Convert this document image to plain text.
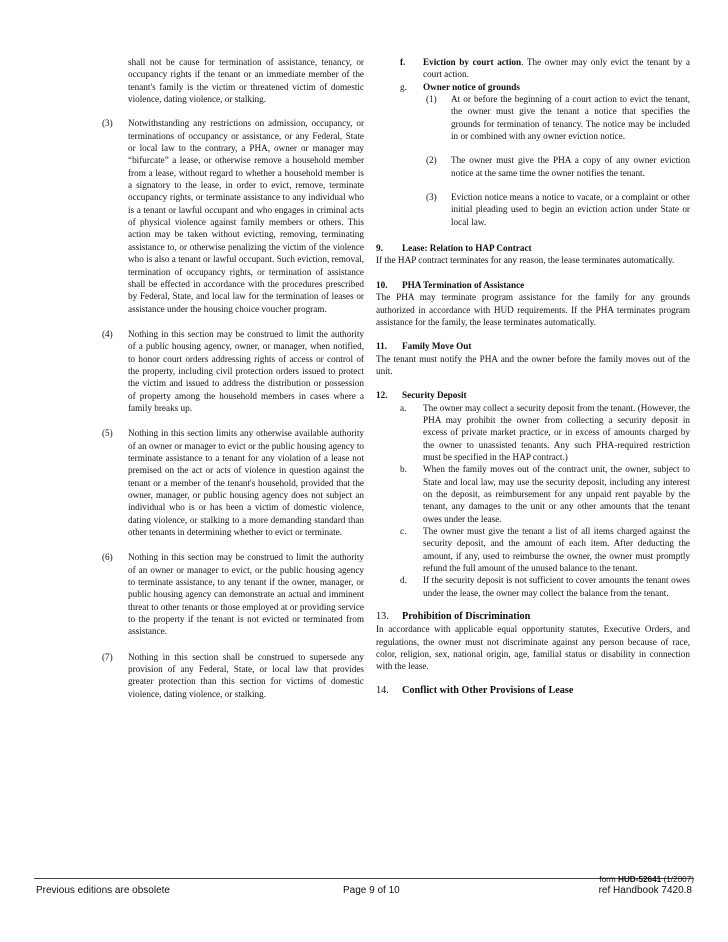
shall not be cause for termination of assistance, tenancy, or occupancy rights if the tenant or an immediate member of the tenant's family is the victim or threatened victim of domestic violence, dating violence, or stalking.

(3)	Notwithstanding any restrictions on admission, occupancy, or terminations of occupancy or assistance, or any Federal, State or local law to the contrary, a PHA, owner or manager may “bifurcate” a lease, or otherwise remove a household member from a lease, without regard to whether a household member is a signatory to the lease, in order to evict, remove, terminate occupancy rights, or terminate assistance to any individual who is a tenant or lawful occupant and who engages in criminal acts of physical violence against family members or others. This action may be taken without evicting, removing, terminating assistance to, or otherwise penalizing the victim of the violence who is also a tenant or lawful occupant. Such eviction, removal, termination of occupancy rights, or termination of assistance shall be effected in accordance with the procedures prescribed by Federal, State, and local law for the termination of leases or assistance under the housing choice voucher program.
(4)	Nothing in this section may be construed to limit the authority of a public housing agency, owner, or manager, when notified, to honor court orders addressing rights of access or control of the property, including civil protection orders issued to protect the victim and issued to address the distribution or possession of property among the household members in cases where a family breaks up.
(5)	Nothing in this section limits any otherwise available authority of an owner or manager to evict or the public housing agency to terminate assistance to a tenant for any violation of a lease not premised on the act or acts of violence in question against the tenant or a member of the tenant's household, provided that the owner, manager, or public housing agency does not subject an individual who is or has been a victim of domestic violence, dating violence, or stalking to a more demanding standard than other tenants in determining whether to evict or terminate.
(6)	Nothing in this section may be construed to limit the authority of an owner or manager to evict, or the public housing agency to terminate assistance, to any tenant if the owner, manager, or public housing agency can demonstrate an actual and imminent threat to other tenants or those employed at or providing service to the property if the tenant is not evicted or terminated from assistance.
(7)	Nothing in this section shall be construed to supersede any provision of any Federal, State, or local law that provides greater protection than this section for victims of domestic violence, dating violence, or stalking.
f. Eviction by court action. The owner may only evict the tenant by a court action.
g. Owner notice of grounds
(1) At or before the beginning of a court action to evict the tenant, the owner must give the tenant a notice that specifies the grounds for termination of tenancy. The notice may be included in or combined with any owner eviction notice.
(2) The owner must give the PHA a copy of any owner eviction notice at the same time the owner notifies the tenant.
(3) Eviction notice means a notice to vacate, or a complaint or other initial pleading used to begin an eviction action under State or local law.
9. Lease: Relation to HAP Contract

If the HAP contract terminates for any reason, the lease terminates automatically.

10. PHA Termination of Assistance

The PHA may terminate program assistance for the family for any grounds authorized in accordance with HUD requirements. If the PHA terminates program assistance for the family, the lease terminates automatically.

11. Family Move Out

The tenant must notify the PHA and the owner before the family moves out of the unit.

12. Security Deposit
a. The owner may collect a security deposit from the tenant. (However, the PHA may prohibit the owner from collecting a security deposit in excess of private market practice, or in excess of amounts charged by the owner to unassisted tenants. Any such PHA-required restriction must be specified in the HAP contract.)
b. When the family moves out of the contract unit, the owner, subject to State and local law, may use the security deposit, including any interest on the deposit, as reimbursement for any unpaid rent payable by the tenant, any damages to the unit or any other amounts that the tenant owes under the lease.
c. The owner must give the tenant a list of all items charged against the security deposit, and the amount of each item. After deducting the amount, if any, used to reimburse the owner, the owner must promptly refund the full amount of the unused balance to the tenant.
d. If the security deposit is not sufficient to cover amounts the tenant owes under the lease, the owner may collect the balance from the tenant.
13. Prohibition of Discrimination

In accordance with applicable equal opportunity statutes, Executive Orders, and regulations, the owner must not discriminate against any person because of race, color, religion, sex, national origin, age, familial status or disability in connection with the lease.

14. Conflict with Other Provisions of Lease
form HUD-52641 (1/2007)
Previous editions are obsolete	Page 9 of 10	ref Handbook 7420.8
